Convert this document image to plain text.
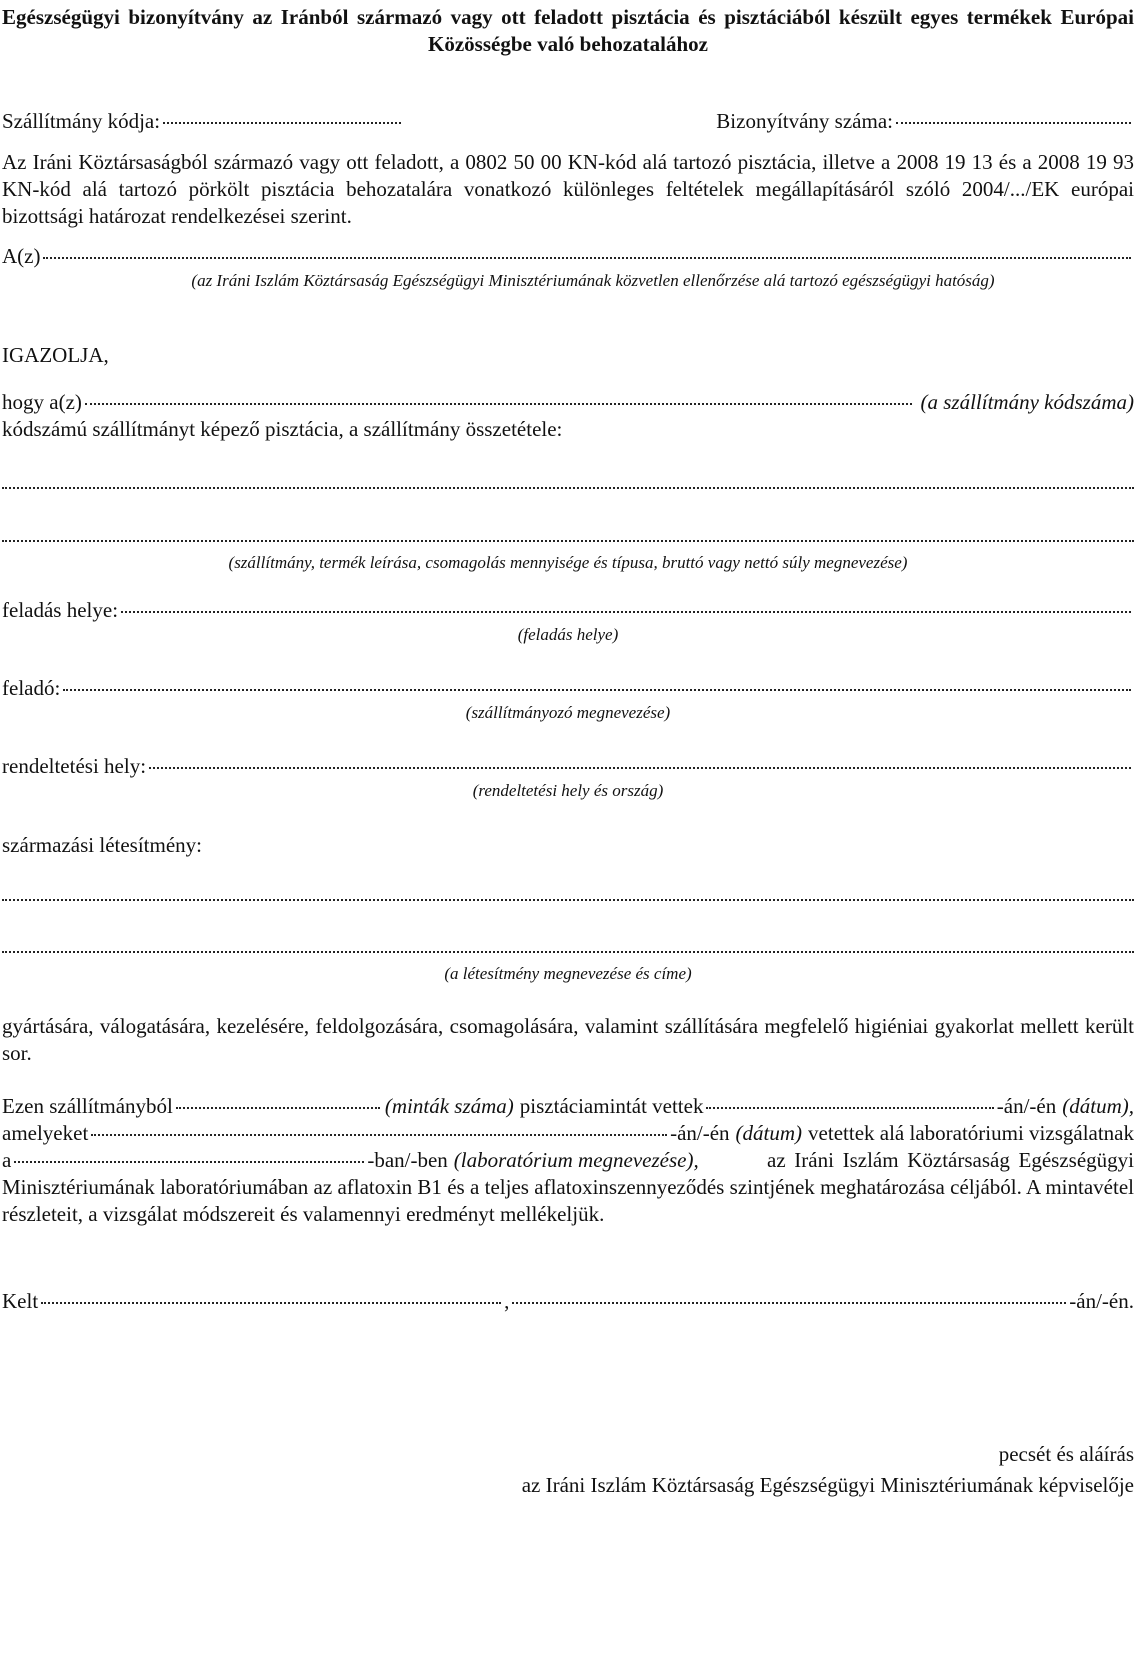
Egészségügyi bizonyítvány az Iránból származó vagy ott feladott pisztácia és pisztáciából készült egyes termékek Európai Közösségbe való behozatalához

Szállítmány kódja:	Bizonyítvány száma:

Az Iráni Köztársaságból származó vagy ott feladott, a 0802 50 00 KN-kód alá tartozó pisztácia, illetve a 2008 19 13 és a 2008 19 93 KN-kód alá tartozó pörkölt pisztácia behozatalára vonatkozó különleges feltételek megállapításáról szóló 2004/.../EK európai bizottsági határozat rendelkezései szerint.

A(z)

(az Iráni Iszlám Köztársaság Egészségügyi Minisztériumának közvetlen ellenőrzése alá tartozó egészségügyi hatóság)

IGAZOLJA,

hogy a(z)	(a szállítmány kódszáma)

kódszámú szállítmányt képező pisztácia, a szállítmány összetétele:

(szállítmány, termék leírása, csomagolás mennyisége és típusa, bruttó vagy nettó súly megnevezése)

feladás helye:

(feladás helye)

feladó:

(szállítmányozó megnevezése)

rendeltetési hely:

(rendeltetési hely és ország)

származási létesítmény:

(a létesítmény megnevezése és címe)

gyártására, válogatására, kezelésére, feldolgozására, csomagolására, valamint szállítására megfelelő higiéniai gyakorlat mellett került sor.

Ezen szállítmányból	(minták száma) pisztáciamintát vettek	-án/-én (dátum),
amelyeket	-án/-én (dátum) vetettek alá laboratóriumi vizsgálatnak
a	-ban/-ben (laboratórium megnevezése),	az Iráni Iszlám Köztársaság Egészségügyi Minisztériumának laboratóriumában az aflatoxin B1 és a teljes aflatoxinszennyeződés szintjének meghatározása céljából. A mintavétel részleteit, a vizsgálat módszereit és valamennyi eredményt mellékeljük.

Kelt	,	-án/-én.

pecsét és aláírás

az Iráni Iszlám Köztársaság Egészségügyi Minisztériumának képviselője
